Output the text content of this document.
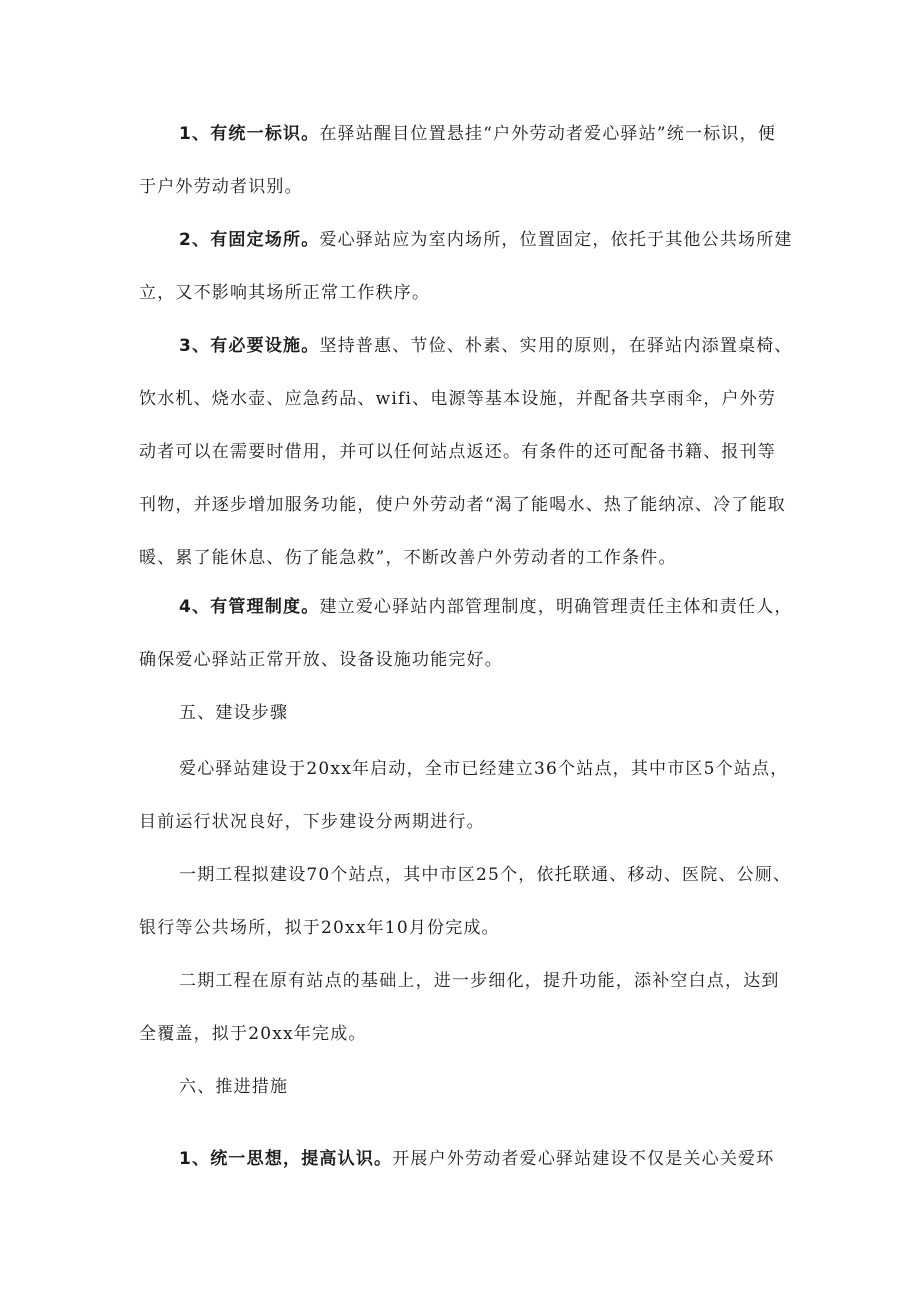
1、有统一标识。在驿站醒目位置悬挂“户外劳动者爱心驿站”统一标识，便于户外劳动者识别。

2、有固定场所。爱心驿站应为室内场所，位置固定，依托于其他公共场所建立，又不影响其场所正常工作秩序。

3、有必要设施。坚持普惠、节俭、朴素、实用的原则，在驿站内添置桌椅、饮水机、烧水壶、应急药品、wifi、电源等基本设施，并配备共享雨伞，户外劳动者可以在需要时借用，并可以任何站点返还。有条件的还可配备书籍、报刊等刊物，并逐步增加服务功能，使户外劳动者“渴了能喝水、热了能纳凉、冷了能取暖、累了能休息、伤了能急救”，不断改善户外劳动者的工作条件。

4、有管理制度。建立爱心驿站内部管理制度，明确管理责任主体和责任人，确保爱心驿站正常开放、设备设施功能完好。

五、建设步骤

爱心驿站建设于20xx年启动，全市已经建立36个站点，其中市区5个站点，目前运行状况良好，下步建设分两期进行。

一期工程拟建设70个站点，其中市区25个，依托联通、移动、医院、公厕、银行等公共场所，拟于20xx年10月份完成。

二期工程在原有站点的基础上，进一步细化，提升功能，添补空白点，达到全覆盖，拟于20xx年完成。

六、推进措施

1、统一思想，提高认识。开展户外劳动者爱心驿站建设不仅是关心关爱环
